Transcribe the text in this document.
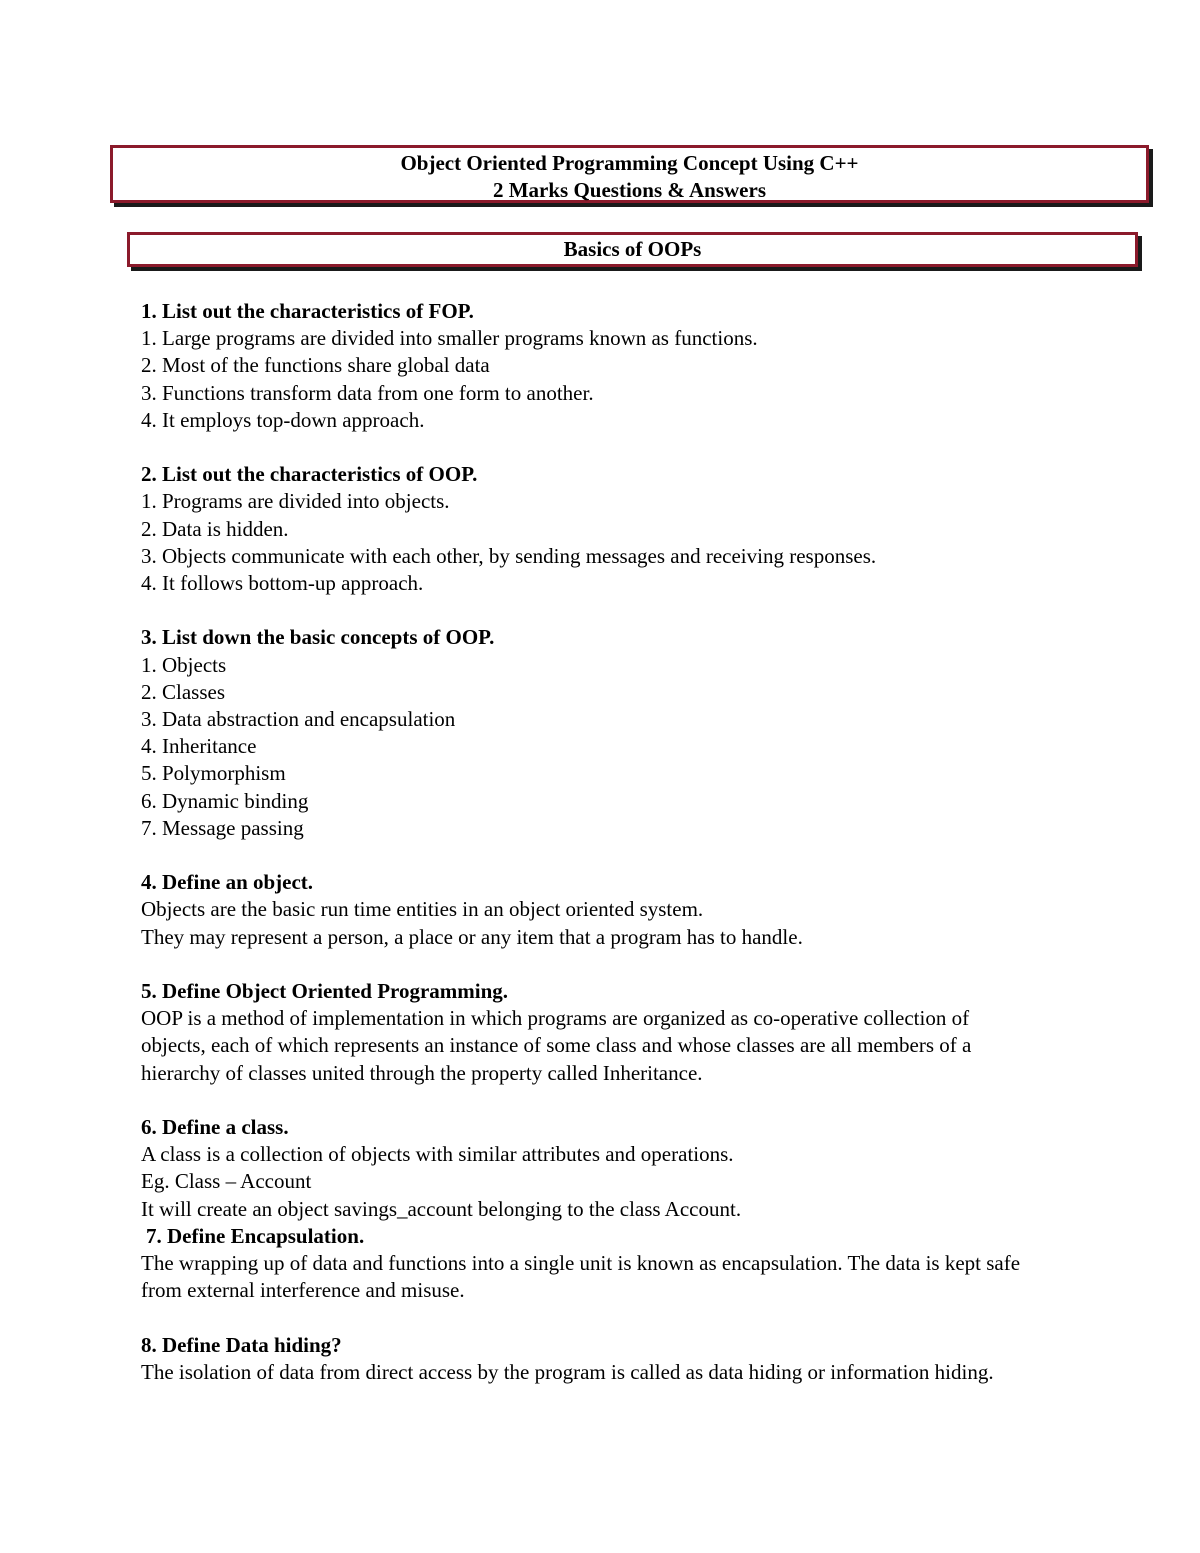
Object Oriented Programming Concept Using C++
2 Marks Questions & Answers
Basics of OOPs
1. List out the characteristics of FOP.
1. Large programs are divided into smaller programs known as functions.
2. Most of the functions share global data
3. Functions transform data from one form to another.
4. It employs top-down approach.
2. List out the characteristics of OOP.
1. Programs are divided into objects.
2. Data is hidden.
3. Objects communicate with each other, by sending messages and receiving responses.
4. It follows bottom-up approach.
3. List down the basic concepts of OOP.
1. Objects
2. Classes
3. Data abstraction and encapsulation
4. Inheritance
5. Polymorphism
6. Dynamic binding
7. Message passing
4. Define an object.
Objects are the basic run time entities in an object oriented system.
They may represent a person, a place or any item that a program has to handle.
5. Define Object Oriented Programming.
OOP is a method of implementation in which programs are organized as co-operative collection of
objects, each of which represents an instance of some class and whose classes are all members of a
hierarchy of classes united through the property called Inheritance.
6. Define a class.
A class is a collection of objects with similar attributes and operations.
Eg. Class – Account
It will create an object savings_account belonging to the class Account.
7. Define Encapsulation.
The wrapping up of data and functions into a single unit is known as encapsulation. The data is kept safe
from external interference and misuse.
8. Define Data hiding?
The isolation of data from direct access by the program is called as data hiding or information hiding.
